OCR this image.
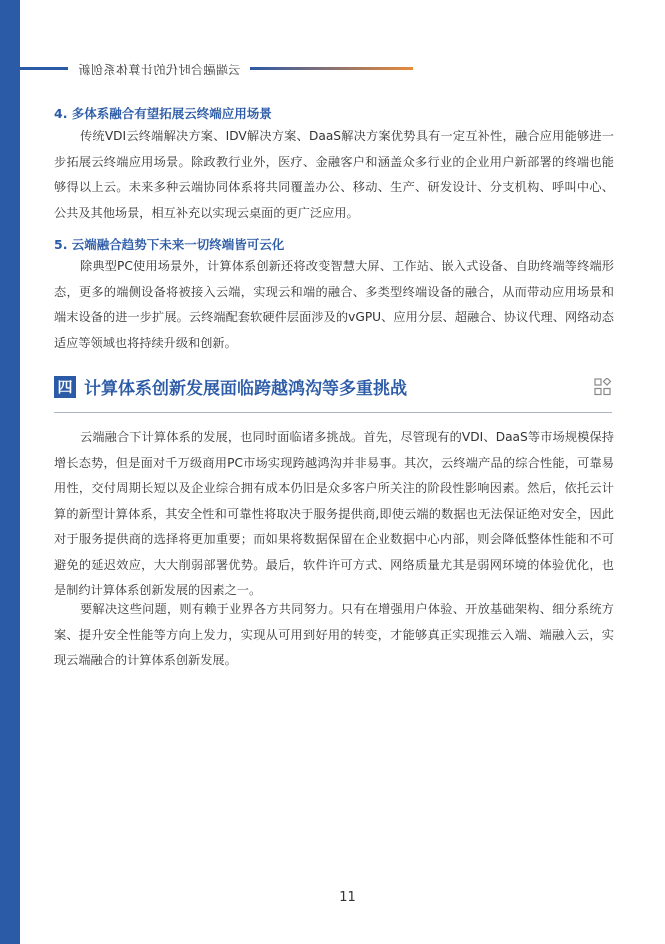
云端融合时代的计算体系创新
4. 多体系融合有望拓展云终端应用场景

传统VDI云终端解决方案、IDV解决方案、DaaS解决方案优势具有一定互补性，融合应用能够进一步拓展云终端应用场景。除政教行业外，医疗、金融客户和涵盖众多行业的企业用户新部署的终端也能够得以上云。未来多种云端协同体系将共同覆盖办公、移动、生产、研发设计、分支机构、呼叫中心、公共及其他场景，相互补充以实现云桌面的更广泛应用。

5. 云端融合趋势下未来一切终端皆可云化

除典型PC使用场景外，计算体系创新还将改变智慧大屏、工作站、嵌入式设备、自助终端等终端形态，更多的端侧设备将被接入云端，实现云和端的融合、多类型终端设备的融合，从而带动应用场景和端末设备的进一步扩展。云终端配套软硬件层面涉及的vGPU、应用分层、超融合、协议代理、网络动态适应等领域也将持续升级和创新。

四 计算体系创新发展面临跨越鸿沟等多重挑战

云端融合下计算体系的发展，也同时面临诸多挑战。首先，尽管现有的VDI、DaaS等市场规模保持增长态势，但是面对千万级商用PC市场实现跨越鸿沟并非易事。其次，云终端产品的综合性能，可靠易用性，交付周期长短以及企业综合拥有成本仍旧是众多客户所关注的阶段性影响因素。然后，依托云计算的新型计算体系，其安全性和可靠性将取决于服务提供商,即使云端的数据也无法保证绝对安全，因此对于服务提供商的选择将更加重要；而如果将数据保留在企业数据中心内部，则会降低整体性能和不可避免的延迟效应，大大削弱部署优势。最后，软件许可方式、网络质量尤其是弱网环境的体验优化，也是制约计算体系创新发展的因素之一。

要解决这些问题，则有赖于业界各方共同努力。只有在增强用户体验、开放基础架构、细分系统方案、提升安全性能等方向上发力，实现从可用到好用的转变，才能够真正实现推云入端、端融入云，实现云端融合的计算体系创新发展。

11
